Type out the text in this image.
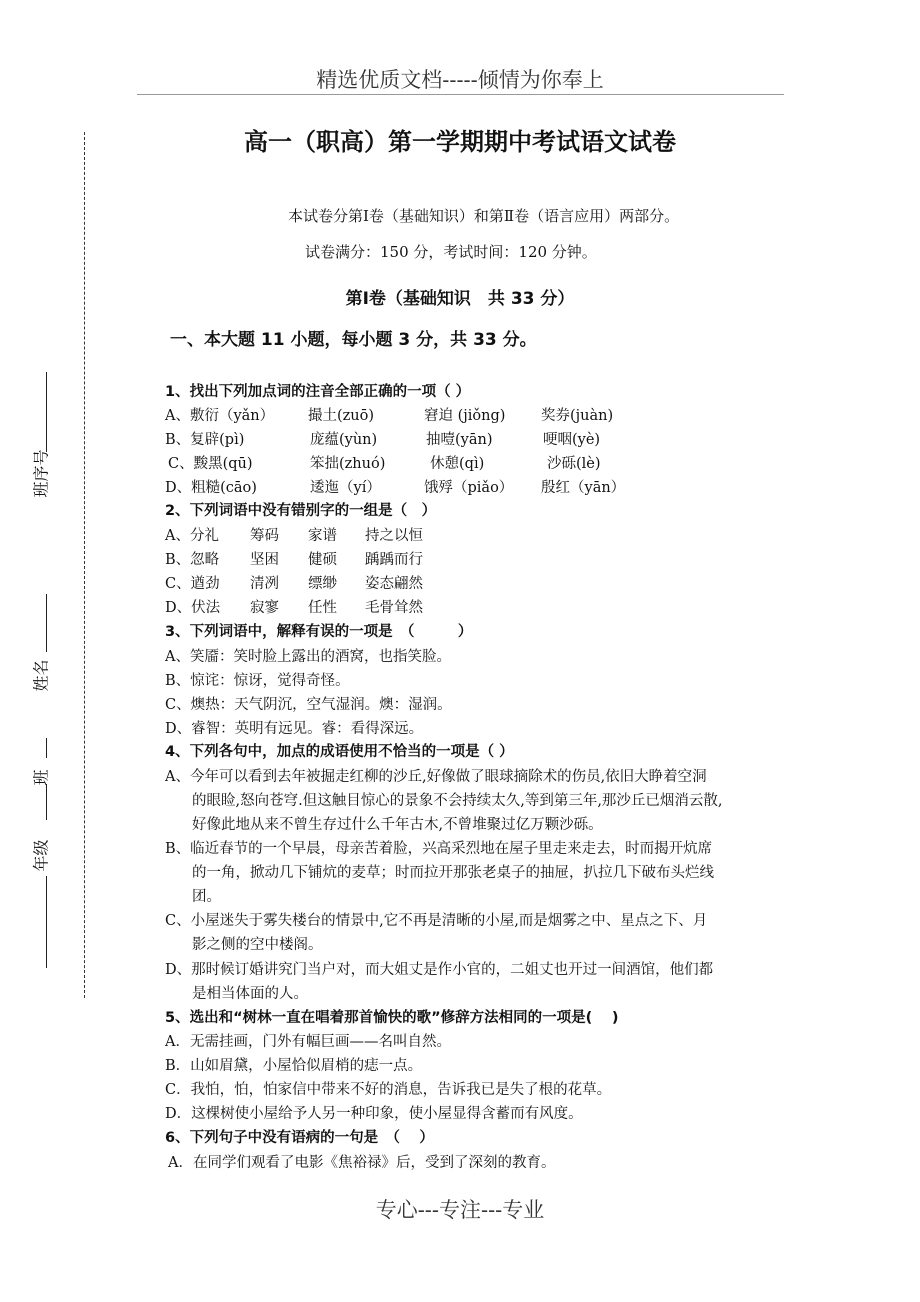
精选优质文档-----倾情为你奉上
专心---专注---专业
班序号
姓名
班
年级
高一（职高）第一学期期中考试语文试卷
本试卷分第Ⅰ卷（基础知识）和第Ⅱ卷（语言应用）两部分。
试卷满分：150 分，考试时间：120 分钟。
第Ⅰ卷（基础知识　共 33 分）
一、本大题 11 小题，每小题 3 分，共 33 分。
1、找出下列加点词的注音全部正确的一项（ ）
A、敷衍（yǎn） 撮土(zuō)	窘迫 (jiǒng) 奖券(juàn)
B、复辟(pì)	庞蕴(yùn)	抽噎(yān)	哽咽(yè)
C、黢黑(qū)	笨拙(zhuó)	休憩(qì)	沙砾(lè)
D、粗糙(cāo)	逶迤（yí）	饿殍（piǎo） 殷红（yān）
2、下列词语中没有错别字的一组是（　）
A、分礼 筹码 家谱 持之以恒
B、忽略 坚困 健硕 踽踽而行
C、遒劲 清冽 缥缈 姿态翩然
D、伏法 寂寥 任性 毛骨耸然
3、下列词语中，解释有误的一项是　（　　　）
A、笑靥：笑时脸上露出的酒窝，也指笑脸。
B、惊诧：惊讶，觉得奇怪。
C、燠热：天气阴沉，空气湿润。燠：湿润。
D、睿智：英明有远见。睿：看得深远。
4、下列各句中，加点的成语使用不恰当的一项是（ ）
A、今年可以看到去年被掘走红柳的沙丘,好像做了眼球摘除术的伤员,依旧大睁着空洞
的眼睑,怒向苍穹.但这触目惊心的景象不会持续太久,等到第三年,那沙丘已烟消云散,
好像此地从来不曾生存过什么千年古木,不曾堆聚过亿万颗沙砾。
B、临近春节的一个早晨，母亲苦着脸，兴高采烈地在屋子里走来走去，时而揭开炕席
的一角，掀动几下铺炕的麦草；时而拉开那张老桌子的抽屉，扒拉几下破布头烂线
团。
C、小屋迷失于雾失楼台的情景中,它不再是清晰的小屋,而是烟雾之中、星点之下、月
影之侧的空中楼阁。
D、那时候订婚讲究门当户对，而大姐丈是作小官的，二姐丈也开过一间酒馆，他们都
是相当体面的人。
5、选出和“树林一直在唱着那首愉快的歌”修辞方法相同的一项是(　 )
A．无需挂画，门外有幅巨画——名叫自然。
B．山如眉黛，小屋恰似眉梢的痣一点。
C．我怕，怕，怕家信中带来不好的消息，告诉我已是失了根的花草。
D．这棵树使小屋给予人另一种印象，使小屋显得含蓄而有风度。
6、下列句子中没有语病的一句是　（　 ）
A．在同学们观看了电影《焦裕禄》后，受到了深刻的教育。
